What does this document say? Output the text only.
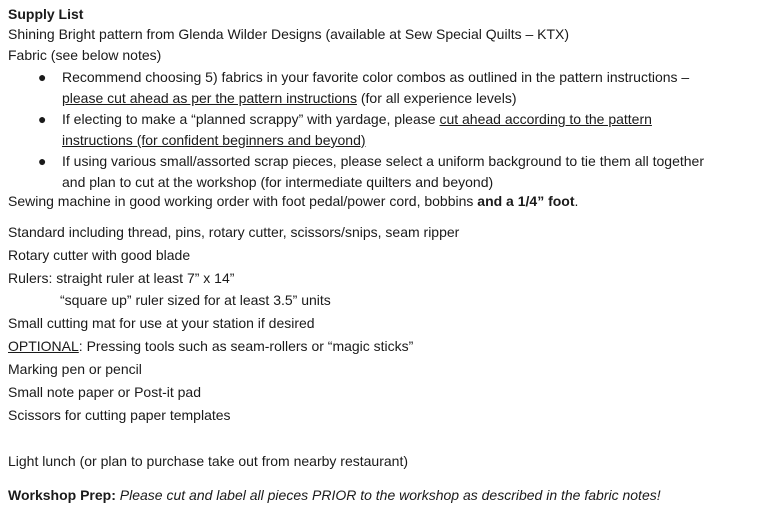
Supply List
Shining Bright pattern from Glenda Wilder Designs (available at Sew Special Quilts – KTX)
Fabric (see below notes)
● Recommend choosing 5) fabrics in your favorite color combos as outlined in the pattern instructions –
please cut ahead as per the pattern instructions (for all experience levels)
● If electing to make a “planned scrappy” with yardage, please cut ahead according to the pattern
instructions (for confident beginners and beyond)
● If using various small/assorted scrap pieces, please select a uniform background to tie them all together
and plan to cut at the workshop (for intermediate quilters and beyond)
Sewing machine in good working order with foot pedal/power cord, bobbins and a 1/4” foot.
Standard including thread, pins, rotary cutter, scissors/snips, seam ripper
Rotary cutter with good blade
Rulers: straight ruler at least 7” x 14”
“square up” ruler sized for at least 3.5” units
Small cutting mat for use at your station if desired
OPTIONAL: Pressing tools such as seam-rollers or “magic sticks”
Marking pen or pencil
Small note paper or Post-it pad
Scissors for cutting paper templates
Light lunch (or plan to purchase take out from nearby restaurant)
Workshop Prep: Please cut and label all pieces PRIOR to the workshop as described in the fabric notes!
